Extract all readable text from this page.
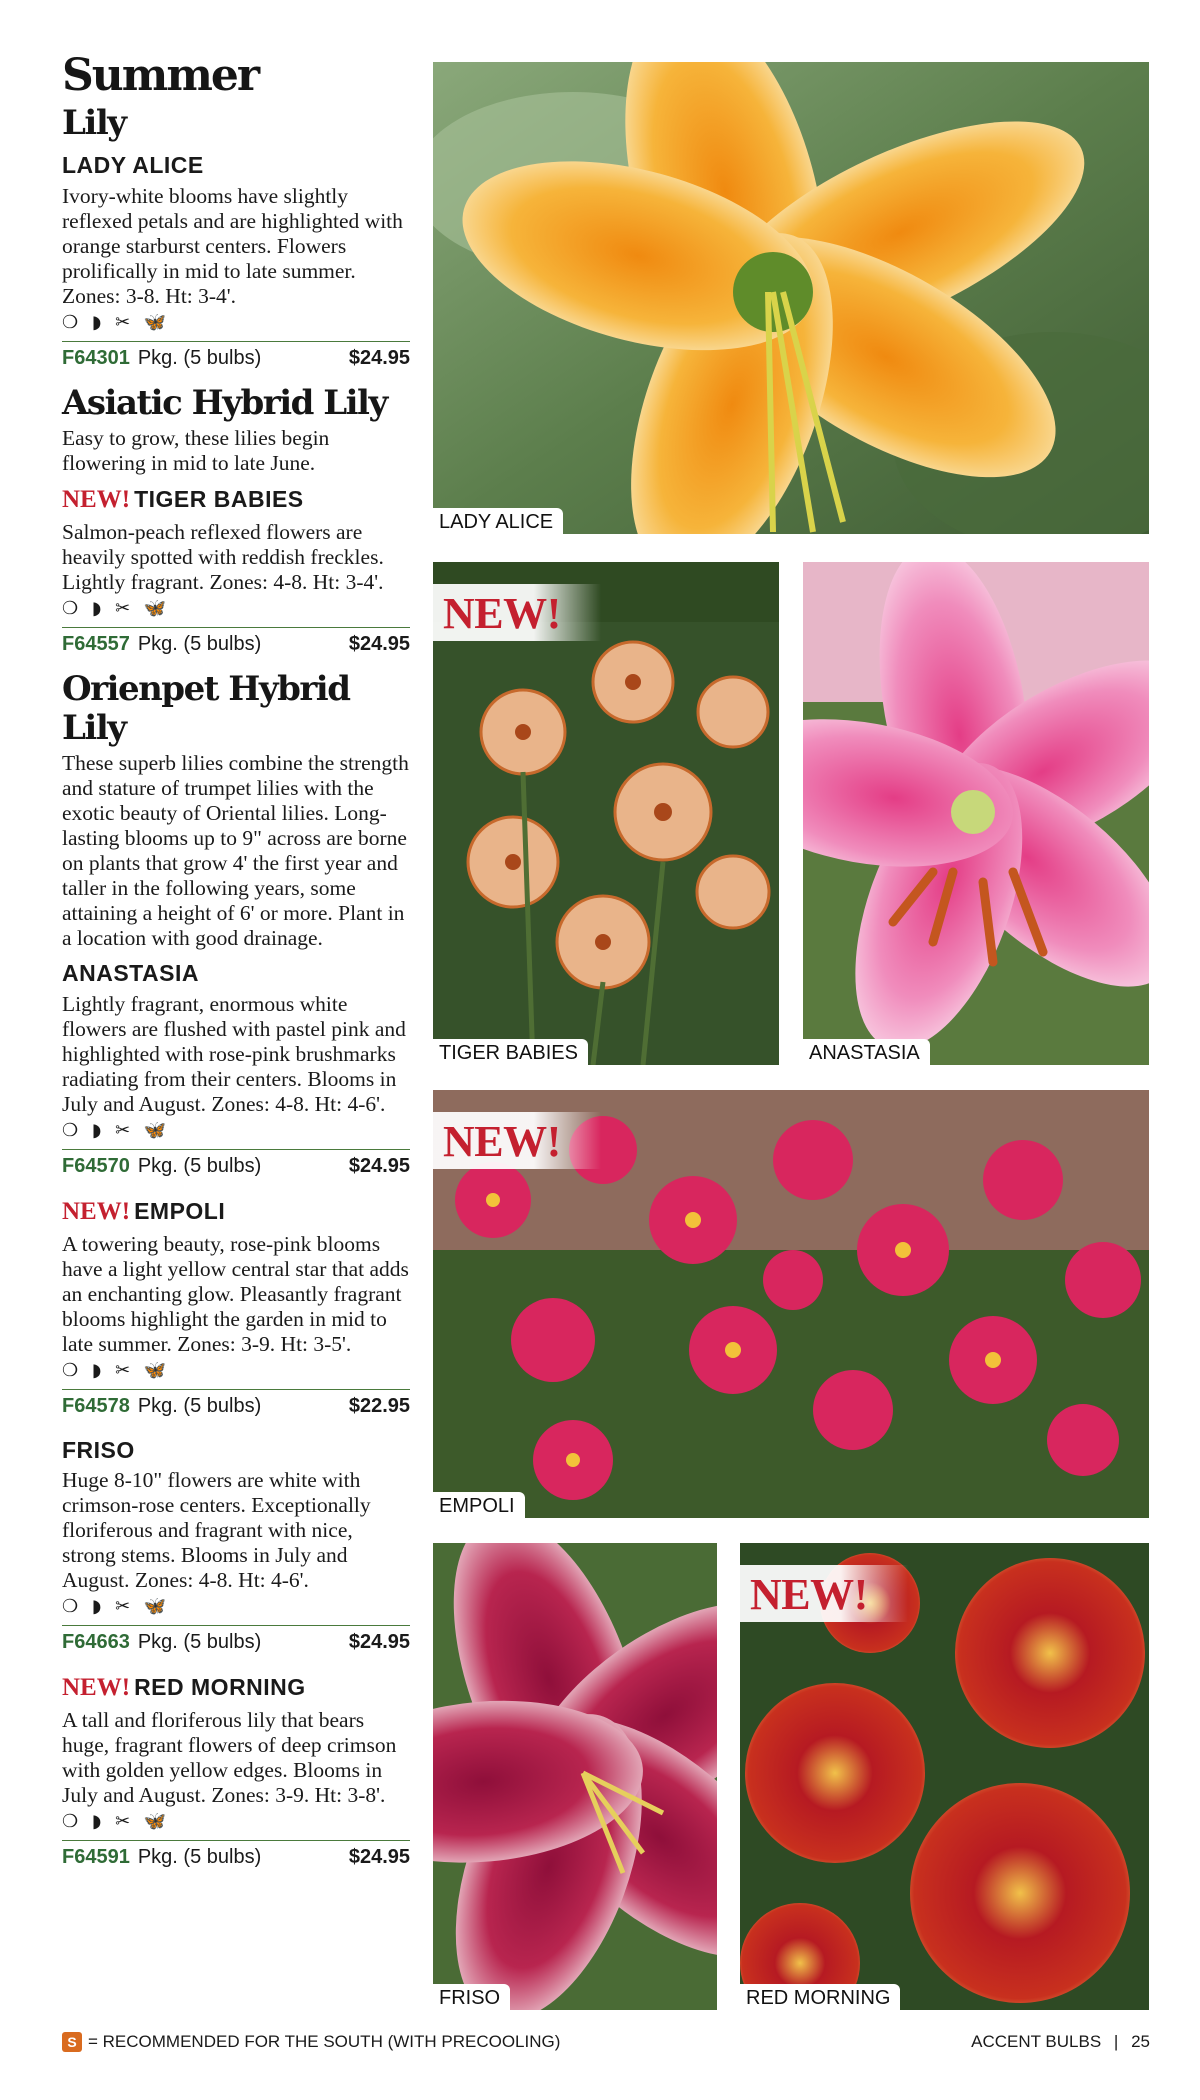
Summer
Lily
LADY ALICE
Ivory-white blooms have slightly reflexed petals and are highlighted with orange starburst centers. Flowers prolifically in mid to late summer. Zones: 3-8. Ht: 3-4'.
❍ ◗ ✂ 🦋
F64301 Pkg. (5 bulbs)	$24.95
Asiatic Hybrid Lily
Easy to grow, these lilies begin flowering in mid to late June.
NEW! TIGER BABIES
Salmon-peach reflexed flowers are heavily spotted with reddish freckles. Lightly fragrant. Zones: 4-8. Ht: 3-4'. ❍ ◗ ✂ 🦋
F64557 Pkg. (5 bulbs)	$24.95
Orienpet Hybrid Lily
These superb lilies combine the strength and stature of trumpet lilies with the exotic beauty of Oriental lilies. Long-lasting blooms up to 9" across are borne on plants that grow 4' the first year and taller in the following years, some attaining a height of 6' or more. Plant in a location with good drainage.
ANASTASIA
Lightly fragrant, enormous white flowers are flushed with pastel pink and highlighted with rose-pink brushmarks radiating from their centers. Blooms in July and August. Zones: 4-8. Ht: 4-6'.
❍ ◗ ✂ 🦋
F64570 Pkg. (5 bulbs)	$24.95
NEW! EMPOLI
A towering beauty, rose-pink blooms have a light yellow central star that adds an enchanting glow. Pleasantly fragrant blooms highlight the garden in mid to late summer. Zones: 3-9. Ht: 3-5'. ❍ ◗ ✂ 🦋
F64578 Pkg. (5 bulbs)	$22.95
FRISO
Huge 8-10" flowers are white with crimson-rose centers. Exceptionally floriferous and fragrant with nice, strong stems. Blooms in July and August. Zones: 4-8. Ht: 4-6'. ❍ ◗ ✂ 🦋
F64663 Pkg. (5 bulbs)	$24.95
NEW! RED MORNING
A tall and floriferous lily that bears huge, fragrant flowers of deep crimson with golden yellow edges. Blooms in July and August. Zones: 3-9. Ht: 3-8'. ❍ ◗ ✂ 🦋
F64591 Pkg. (5 bulbs)	$24.95
LADY ALICE
NEW!
TIGER BABIES	ANASTASIA
NEW!
EMPOLI
FRISO
NEW!
RED MORNING
S = RECOMMENDED FOR THE SOUTH (WITH PRECOOLING)	ACCENT BULBS | 25
